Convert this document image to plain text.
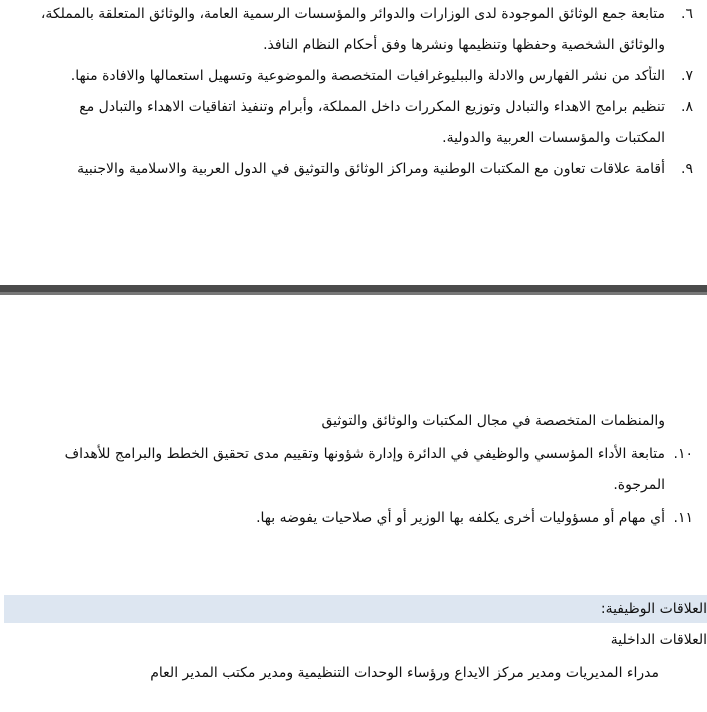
٦.متابعة جمع الوثائق الموجودة لدى الوزارات والدوائر والمؤسسات الرسمية العامة، والوثائق المتعلقة بالمملكة،
والوثائق الشخصية وحفظها وتنظيمها ونشرها وفق أحكام النظام النافذ.
٧.التأكد من نشر الفهارس والادلة والببليوغرافيات المتخصصة والموضوعية وتسهيل استعمالها والافادة منها.
٨.تنظيم برامج الاهداء والتبادل وتوزيع المكررات داخل المملكة، وأبرام وتنفيذ اتفاقيات الاهداء والتبادل مع
المكتبات والمؤسسات العربية والدولية.
٩.أقامة علاقات تعاون مع المكتبات الوطنية ومراكز الوثائق والتوثيق في الدول العربية والاسلامية والاجنبية
والمنظمات المتخصصة في مجال المكتبات والوثائق والتوثيق
١٠.متابعة الأداء المؤسسي والوظيفي في الدائرة وإدارة شؤونها وتقييم مدى تحقيق الخطط والبرامج للأهداف
المرجوة.
١١.أي مهام أو مسؤوليات أخرى يكلفه بها الوزير أو أي صلاحيات يفوضه بها.
العلاقات الوظيفية:
العلاقات الداخلية
مدراء المديريات ومدير مركز الايداع ورؤساء الوحدات التنظيمية ومدير مكتب المدير العام
